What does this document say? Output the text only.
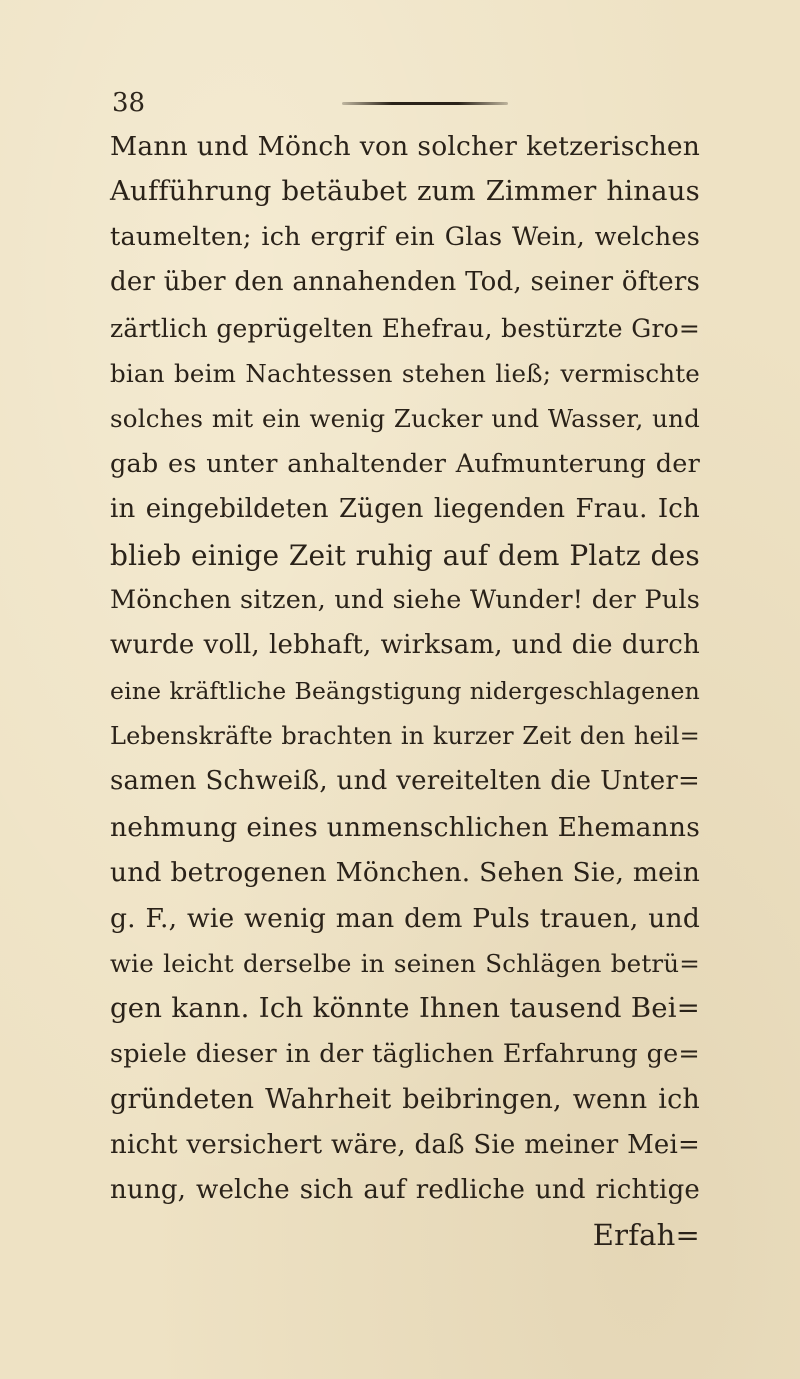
38
Mann und Mönch von solcher ketzerischen
Aufführung betäubet zum Zimmer hinaus
taumelten; ich ergrif ein Glas Wein, welches
der über den annahenden Tod, seiner öfters
zärtlich geprügelten Ehefrau, bestürzte Gro=
bian beim Nachtessen stehen ließ; vermischte
solches mit ein wenig Zucker und Wasser, und
gab es unter anhaltender Aufmunterung der
in eingebildeten Zügen liegenden Frau. Ich
blieb einige Zeit ruhig auf dem Platz des
Mönchen sitzen, und siehe Wunder! der Puls
wurde voll, lebhaft, wirksam, und die durch
eine kräftliche Beängstigung nidergeschlagenen
Lebenskräfte brachten in kurzer Zeit den heil=
samen Schweiß, und vereitelten die Unter=
nehmung eines unmenschlichen Ehemanns
und betrogenen Mönchen. Sehen Sie, mein
g. F., wie wenig man dem Puls trauen, und
wie leicht derselbe in seinen Schlägen betrü=
gen kann. Ich könnte Ihnen tausend Bei=
spiele dieser in der täglichen Erfahrung ge=
gründeten Wahrheit beibringen, wenn ich
nicht versichert wäre, daß Sie meiner Mei=
nung, welche sich auf redliche und richtige
Erfah=
